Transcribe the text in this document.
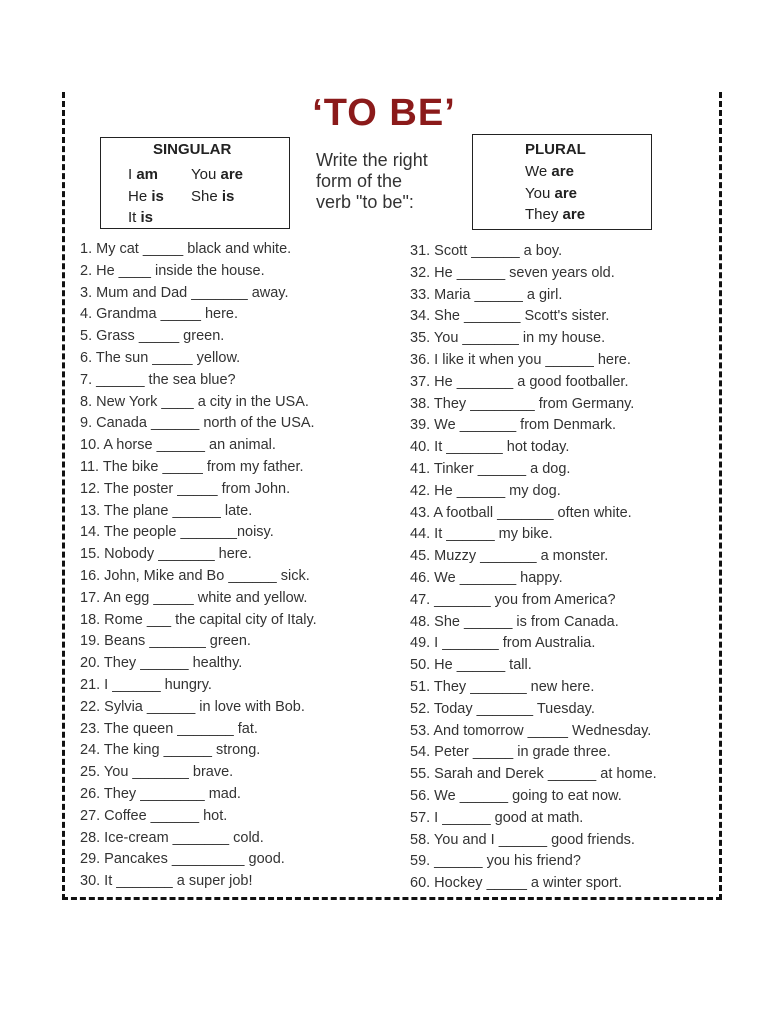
‘TO BE’
SINGULAR
I am You are
He is She is
It is
Write the right
form of the
verb "to be":
PLURAL
We are
You are
They are
1. My cat _____ black and white.
2. He ____ inside the house.
3. Mum and Dad _______ away.
4. Grandma _____ here.
5. Grass _____ green.
6. The sun _____ yellow.
7. ______ the sea blue?
8. New York ____ a city in the USA.
9. Canada ______ north of the USA.
10. A horse ______ an animal.
11. The bike _____ from my father.
12. The poster _____ from John.
13. The plane ______ late.
14. The people _______noisy.
15. Nobody _______ here.
16. John, Mike and Bo ______ sick.
17. An egg _____ white and yellow.
18. Rome ___ the capital city of Italy.
19. Beans _______ green.
20. They ______ healthy.
21. I ______ hungry.
22. Sylvia ______ in love with Bob.
23. The queen _______ fat.
24. The king ______ strong.
25. You _______ brave.
26. They ________ mad.
27. Coffee ______ hot.
28. Ice-cream _______ cold.
29. Pancakes _________ good.
30. It _______ a super job!
31. Scott ______ a boy.
32. He ______ seven years old.
33. Maria ______ a girl.
34. She _______ Scott's sister.
35. You _______ in my house.
36. I like it when you ______ here.
37. He _______ a good footballer.
38. They ________ from Germany.
39. We _______ from Denmark.
40. It _______ hot today.
41. Tinker ______ a dog.
42. He ______ my dog.
43. A football _______ often white.
44. It ______ my bike.
45. Muzzy _______ a monster.
46. We _______ happy.
47. _______ you from America?
48. She ______ is from Canada.
49. I _______ from Australia.
50. He ______ tall.
51. They _______ new here.
52. Today _______ Tuesday.
53. And tomorrow _____ Wednesday.
54. Peter _____ in grade three.
55. Sarah and Derek ______ at home.
56. We ______ going to eat now.
57. I ______ good at math.
58. You and I ______ good friends.
59. ______ you his friend?
60. Hockey _____ a winter sport.
